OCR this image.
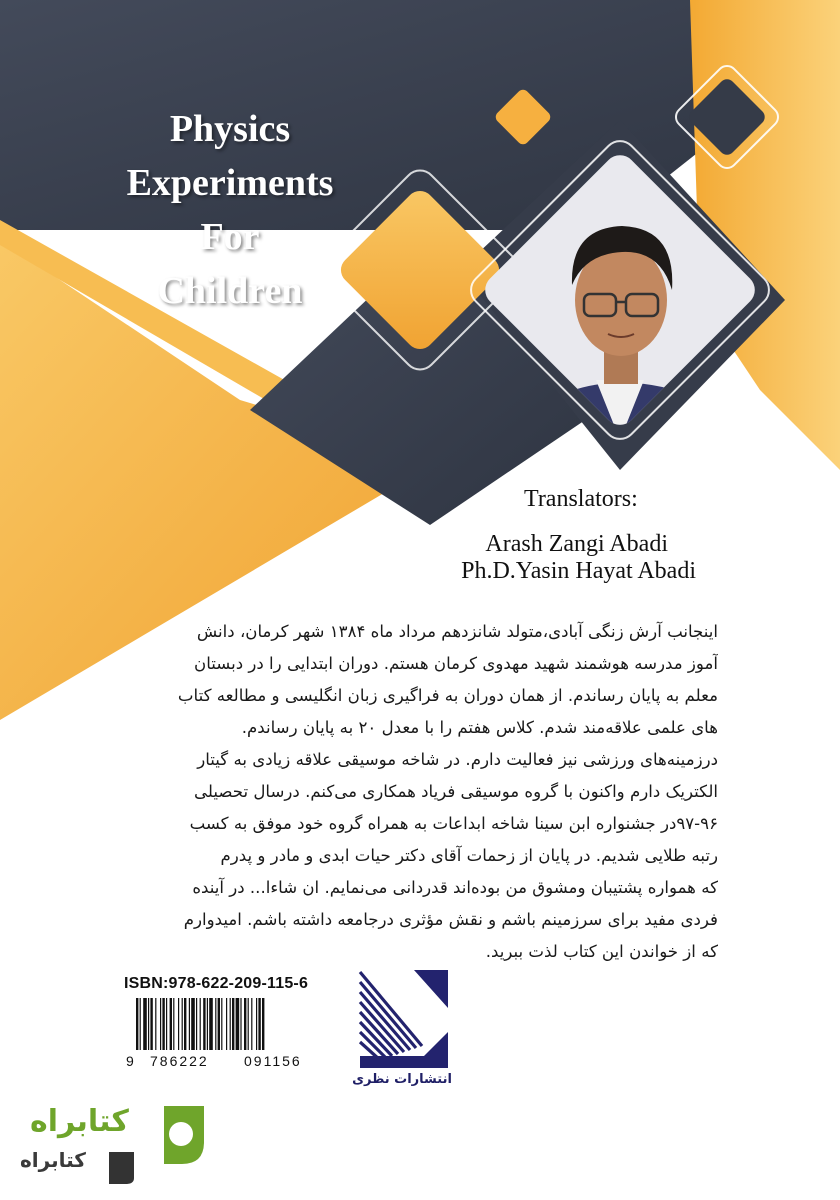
Physics
Experiments
For
Children
Translators:
Arash Zangi Abadi
Ph.D.Yasin Hayat Abadi
اینجانب آرش زنگی آبادی،متولد شانزدهم مرداد ماه ۱۳۸۴ شهر کرمان، دانش
آموز مدرسه هوشمند شهید مهدوی کرمان هستم. دوران ابتدایی را در دبستان
معلم به پایان رساندم. از همان دوران به فراگیری زبان انگلیسی و مطالعه کتاب
های علمی علاقه‌مند شدم. کلاس هفتم را با معدل ۲۰ به پایان رساندم.
درزمینه‌های ورزشی نیز فعالیت دارم. در شاخه موسیقی علاقه زیادی به گیتار
الکتریک دارم واکنون با گروه موسیقی فریاد همکاری می‌کنم. درسال تحصیلی
۹۷-۹۶در جشنواره ابن سینا شاخه ابداعات به همراه گروه خود موفق به کسب
رتبه طلایی شدیم. در پایان از زحمات آقای دکتر حیات ابدی و مادر و پدرم
که همواره پشتیبان ومشوق من بوده‌اند قدردانی می‌نمایم. ان شاءا... در آینده
فردی مفید برای سرزمینم باشم و نقش مؤثری درجامعه داشته باشم. امیدوارم
که از خواندن این کتاب لذت ببرید.
ISBN:978-622-209-115-6
9 786222	091156
انتشارات نظری
کتابراه
کتابراه
